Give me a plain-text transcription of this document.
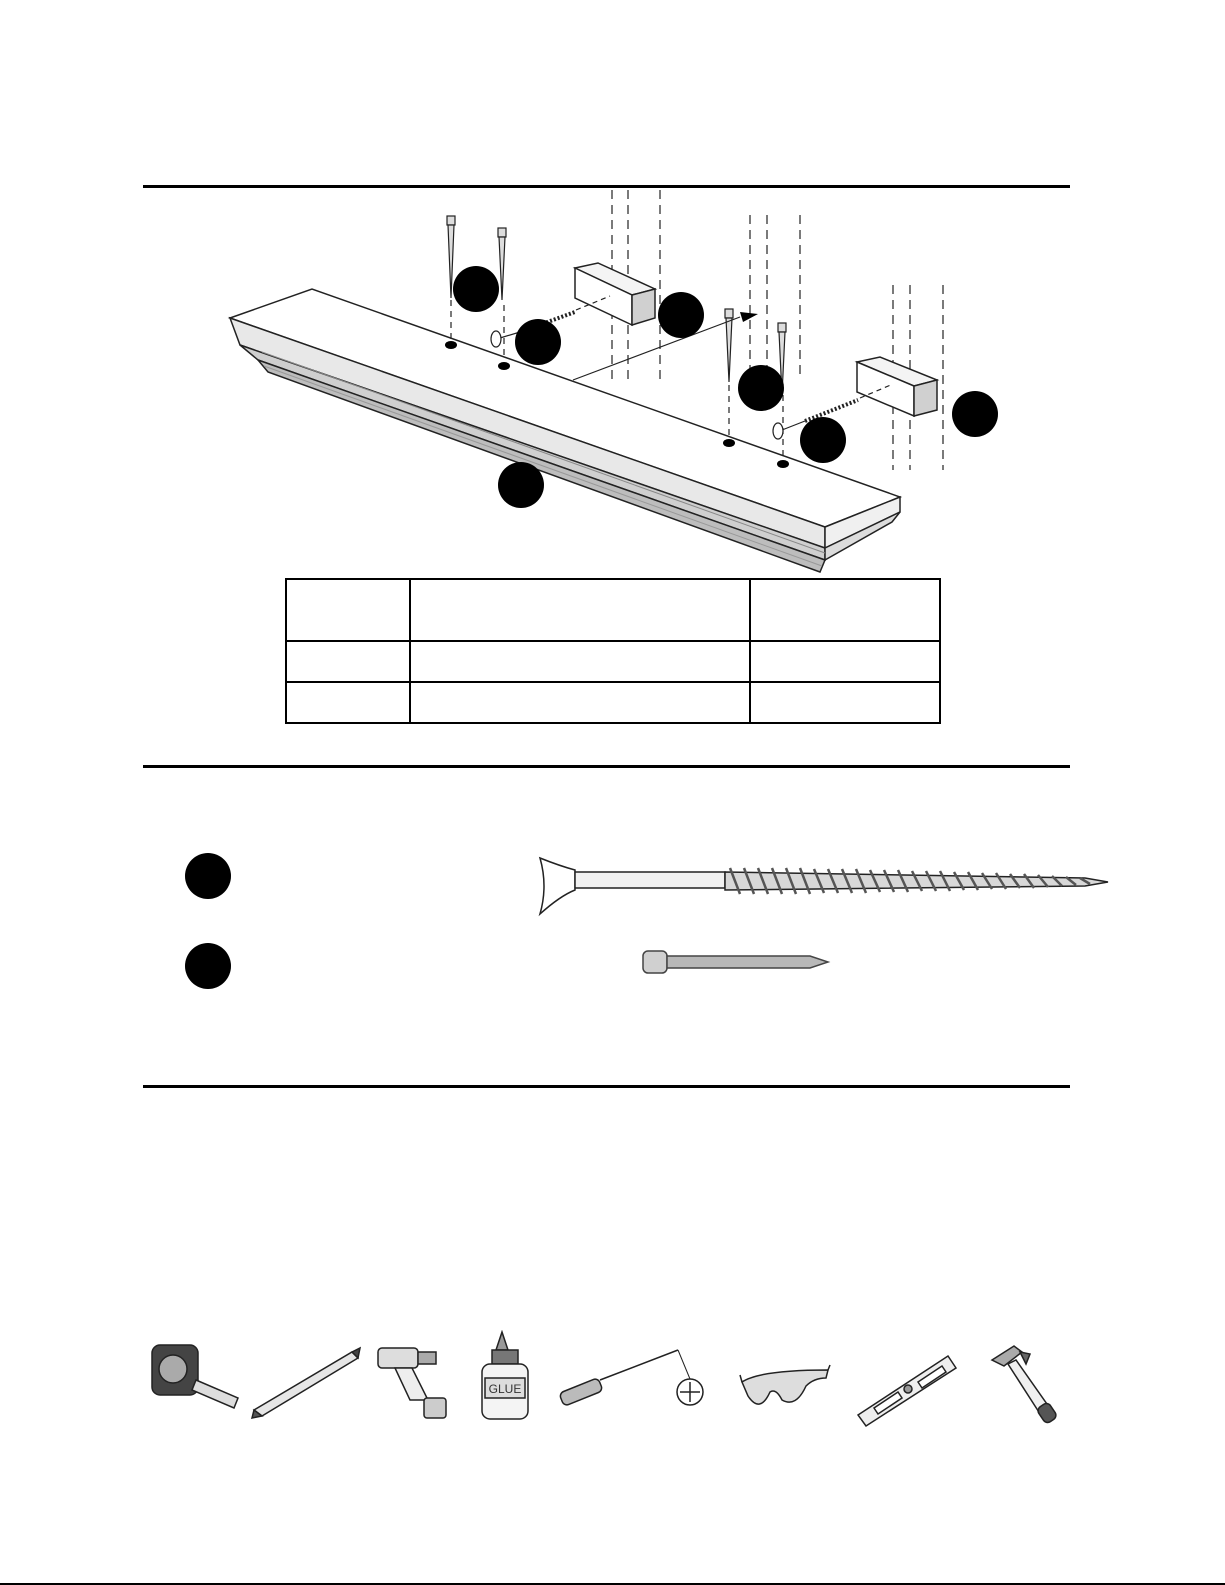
GLUE
